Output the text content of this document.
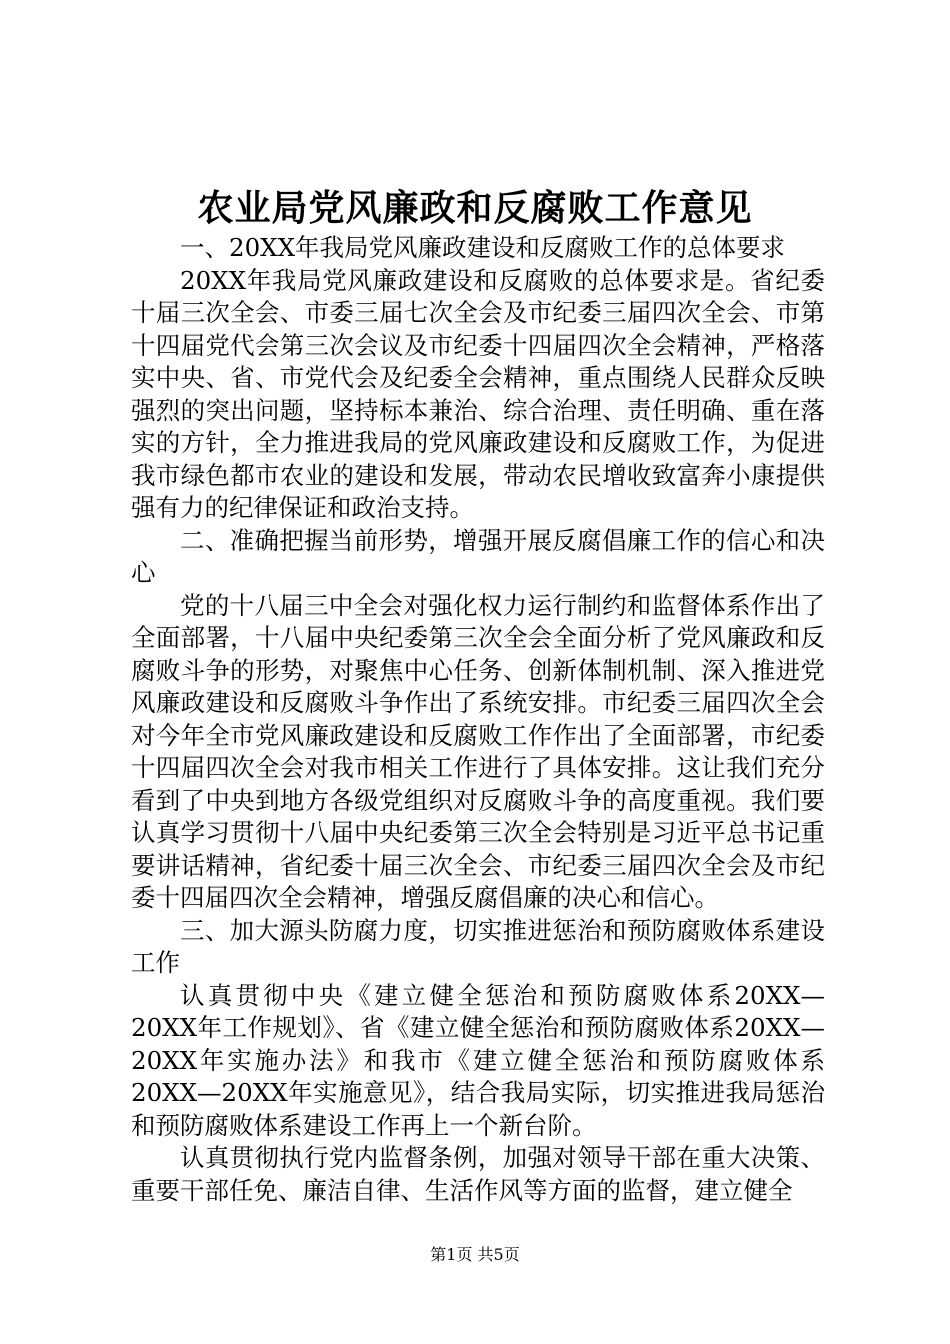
农业局党风廉政和反腐败工作意见

一、20XX年我局党风廉政建设和反腐败工作的总体要求

20XX年我局党风廉政建设和反腐败的总体要求是。省纪委十届三次全会、市委三届七次全会及市纪委三届四次全会、市第十四届党代会第三次会议及市纪委十四届四次全会精神，严格落实中央、省、市党代会及纪委全会精神，重点围绕人民群众反映强烈的突出问题，坚持标本兼治、综合治理、责任明确、重在落实的方针，全力推进我局的党风廉政建设和反腐败工作，为促进我市绿色都市农业的建设和发展，带动农民增收致富奔小康提供强有力的纪律保证和政治支持。

二、准确把握当前形势，增强开展反腐倡廉工作的信心和决心

党的十八届三中全会对强化权力运行制约和监督体系作出了全面部署，十八届中央纪委第三次全会全面分析了党风廉政和反腐败斗争的形势，对聚焦中心任务、创新体制机制、深入推进党风廉政建设和反腐败斗争作出了系统安排。市纪委三届四次全会对今年全市党风廉政建设和反腐败工作作出了全面部署，市纪委十四届四次全会对我市相关工作进行了具体安排。这让我们充分看到了中央到地方各级党组织对反腐败斗争的高度重视。我们要认真学习贯彻十八届中央纪委第三次全会特别是习近平总书记重要讲话精神，省纪委十届三次全会、市纪委三届四次全会及市纪委十四届四次全会精神，增强反腐倡廉的决心和信心。

三、加大源头防腐力度，切实推进惩治和预防腐败体系建设工作

认真贯彻中央《建立健全惩治和预防腐败体系20XX—20XX年工作规划》、省《建立健全惩治和预防腐败体系20XX—20XX年实施办法》和我市《建立健全惩治和预防腐败体系20XX—20XX年实施意见》，结合我局实际，切实推进我局惩治和预防腐败体系建设工作再上一个新台阶。

认真贯彻执行党内监督条例，加强对领导干部在重大决策、重要干部任免、廉洁自律、生活作风等方面的监督，建立健全

第1页 共5页
